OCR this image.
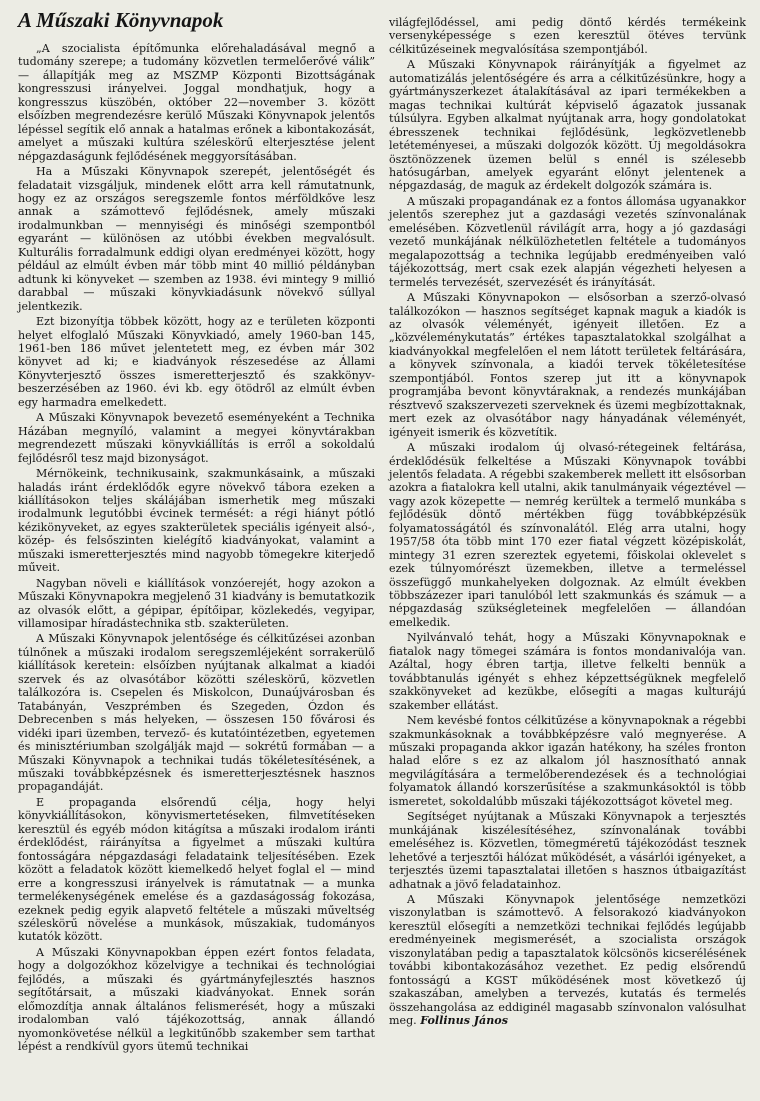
A Műszaki Könyvnapok

„A szocialista építőmunka előrehaladásával megnő a tudomány szerepe; a tudomány közvetlen termelőerővé válik” — állapítják meg az MSZMP Központi Bizottságának kongresszusi irányelvei. Joggal mondhatjuk, hogy a kongresszus küszöbén, október 22—november 3. között elsőízben megrendezésre kerülő Műszaki Könyvnapok jelentős lépéssel segítik elő annak a hatalmas erőnek a kibontakozását, amelyet a műszaki kultúra széleskörű elterjesztése jelent népgazdaságunk fejlődésének meggyorsításában.

Ha a Műszaki Könyvnapok szerepét, jelentőségét és feladatait vizsgáljuk, mindenek előtt arra kell rámutatnunk, hogy ez az országos seregszemle fontos mérföldkőve lesz annak a számottevő fejlődésnek, amely műszaki irodalmunkban — mennyiségi és minőségi szempontból egyaránt — különösen az utóbbi években megvalósult. Kulturális forradalmunk eddigi olyan eredményei között, hogy például az elmúlt évben már több mint 40 millió példányban adtunk ki könyveket — szemben az 1938. évi mintegy 9 millió darabbal — műszaki könyvkiadásunk növekvő súllyal jelentkezik.

Ezt bizonyítja többek között, hogy az e területen központi helyet elfoglaló Műszaki Könyvkiadó, amely 1960-ban 145, 1961-ben 186 művet jelentetett meg, ez évben már 302 könyvet ad ki; e kiadványok részesedése az Állami Könyvterjesztő összes ismeretterjesztő és szakkönyv-beszerzésében az 1960. évi kb. egy ötödről az elmúlt évben egy harmadra emelkedett.

A Műszaki Könyvnapok bevezető eseményeként a Technika Házában megnyíló, valamint a megyei könyvtárakban megrendezett műszaki könyvkiállítás is erről a sokoldalú fejlődésről tesz majd bizonyságot.

Mérnökeink, technikusaink, szakmunkásaink, a műszaki haladás iránt érdeklődők egyre növekvő tábora ezeken a kiállításokon teljes skálájában ismerhetik meg műszaki irodalmunk legutóbbi évcinek termését: a régi hiányt pótló kézikönyveket, az egyes szakterületek speciális igényeit alsó-, közép- és felsőszinten kielégítő kiadványokat, valamint a műszaki ismeretterjesztés mind nagyobb tömegekre kiterjedő műveit.

Nagyban növeli e kiállítások vonzóerejét, hogy azokon a Műszaki Könyvnapokra megjelenő 31 kiadvány is bemutatkozik az olvasók előtt, a gépipar, építőipar, közlekedés, vegyipar, villamosipar híradástechnika stb. szakterületen.

A Műszaki Könyvnapok jelentősége és célkitűzései azonban túlnőnek a műszaki irodalom seregszemléjeként sorrakerülő kiállítások keretein: elsőízben nyújtanak alkalmat a kiadói szervek és az olvasótábor közötti széleskörű, közvetlen találkozóra is. Csepelen és Miskolcon, Dunaújvárosban és Tatabányán, Veszprémben és Szegeden, Ózdon és Debrecenben s más helyeken, — összesen 150 fővárosi és vidéki ipari üzemben, tervező- és kutatóintézetben, egyetemen és minisztériumban szolgálják majd — sokrétű formában — a Műszaki Könyvnapok a technikai tudás tökéletesítésének, a műszaki továbbképzésnek és ismeretterjesztésnek hasznos propagandáját.

E propaganda elsőrendű célja, hogy helyi könyvkiállításokon, könyvismertetéseken, filmvetítéseken keresztül és egyéb módon kitágítsa a műszaki irodalom iránti érdeklődést, ráirányítsa a figyelmet a műszaki kultúra fontosságára népgazdasági feladataink teljesítésében. Ezek között a feladatok között kiemelkedő helyet foglal el — mind erre a kongresszusi irányelvek is rámutatnak — a munka termelékenységének emelése és a gazdaságosság fokozása, ezeknek pedig egyik alapvető feltétele a műszaki műveltség széleskörű növelése a munkások, műszakiak, tudományos kutatók között.

A Műszaki Könyvnapokban éppen ezért fontos feladata, hogy a dolgozókhoz közelvigye a technikai és technológiai fejlődés, a műszaki és gyártmányfejlesztés hasznos segítőtársait, a műszaki kiadványokat. Ennek során előmozdítja annak általános felismerését, hogy a műszaki irodalomban való tájékozottság, annak állandó nyomonkövetése nélkül a legkitűnőbb szakember sem tarthat lépést a rendkívül gyors ütemű technikai

világfejlődéssel, ami pedig döntő kérdés termékeink versenyképessége s ezen keresztül ötéves tervünk célkitűzéseinek megvalósítása szempontjából.

A Műszaki Könyvnapok ráirányítják a figyelmet az automatizálás jelentőségére és arra a célkitűzésünkre, hogy a gyártmányszerkezet átalakításával az ipari termékekben a magas technikai kultúrát képviselő ágazatok jussanak túlsúlyra. Egyben alkalmat nyújtanak arra, hogy gondolatokat ébresszenek technikai fejlődésünk, legközvetlenebb letéteményesei, a műszaki dolgozók között. Új megoldásokra ösztönözzenek üzemen belül s ennél is szélesebb hatósugárban, amelyek egyaránt előnyt jelentenek a népgazdaság, de maguk az érdekelt dolgozók számára is.

A műszaki propagandának ez a fontos állomása ugyanakkor jelentős szerephez jut a gazdasági vezetés színvonalának emelésében. Közvetlenül rávilágít arra, hogy a jó gazdasági vezető munkájának nélkülözhetetlen feltétele a tudományos megalapozottság a technika legújabb eredményeiben való tájékozottság, mert csak ezek alapján végezheti helyesen a termelés tervezését, szervezését és irányítását.

A Műszaki Könyvnapokon — elsősorban a szerző-olvasó találkozókon — hasznos segítséget kapnak maguk a kiadók is az olvasók véleményét, igényeit illetően. Ez a „közvéleménykutatás” értékes tapasztalatokkal szolgálhat a kiadványokkal megfelelően el nem látott területek feltárására, a könyvek színvonala, a kiadói tervek tökéletesítése szempontjából. Fontos szerep jut itt a könyvnapok programjába bevont könyvtáraknak, a rendezés munkájában résztvevő szakszervezeti szerveknek és üzemi megbízottaknak, mert ezek az olvasótábor nagy hányadának véleményét, igényeit ismerik és közvetítik.

A műszaki irodalom új olvasó-rétegeinek feltárása, érdeklődésük felkeltése a Műszaki Könyvnapok további jelentős feladata. A régebbi szakemberek mellett itt elsősorban azokra a fiatalokra kell utalni, akik tanulmányaik végeztével — vagy azok közepette — nemrég kerültek a termelő munkába s fejlődésük döntő mértékben függ továbbképzésük folyamatosságától és színvonalától. Elég arra utalni, hogy 1957/58 óta több mint 170 ezer fiatal végzett középiskolát, mintegy 31 ezren szereztek egyetemi, főiskolai oklevelet s ezek túlnyomórészt üzemekben, illetve a termeléssel összefüggő munkahelyeken dolgoznak. Az elmúlt években többszázezer ipari tanulóból lett szakmunkás és számuk — a népgazdaság szükségleteinek megfelelően — állandóan emelkedik.

Nyilvánvaló tehát, hogy a Műszaki Könyvnapoknak e fiatalok nagy tömegei számára is fontos mondanivalója van. Azáltal, hogy ébren tartja, illetve felkelti bennük a továbbtanulás igényét s ehhez képzettségüknek megfelelő szakkönyveket ad kezükbe, elősegíti a magas kulturájú szakember ellátást.

Nem kevésbé fontos célkitűzése a könyvnapoknak a régebbi szakmunkásoknak a továbbképzésre való megnyerése. A műszaki propaganda akkor igazán hatékony, ha széles fronton halad előre s ez az alkalom jól hasznosítható annak megvilágítására a termelőberendezések és a technológiai folyamatok állandó korszerűsítése a szakmunkásoktól is több ismeretet, sokoldalúbb műszaki tájékozottságot követel meg.

Segítséget nyújtanak a Műszaki Könyvnapok a terjesztés munkájának kiszélesítéséhez, színvonalának további emeléséhez is. Közvetlen, tömegméretű tájékozódást tesznek lehetővé a terjesztői hálózat működését, a vásárlói igényeket, a terjesztés üzemi tapasztalatai illetően s hasznos útbaigazítást adhatnak a jövő feladatainhoz.

A Műszaki Könyvnapok jelentősége nemzetközi viszonylatban is számottevő. A felsorakozó kiadványokon keresztül elősegíti a nemzetközi technikai fejlődés legújabb eredményeinek megismerését, a szocialista országok viszonylatában pedig a tapasztalatok kölcsönös kicserélésének további kibontakozásához vezethet. Ez pedig elsőrendű fontosságú a KGST működésének most következő új szakaszában, amelyben a tervezés, kutatás és termelés összehangolása az eddiginél magasabb színvonalon valósulhat meg. Follinus János
